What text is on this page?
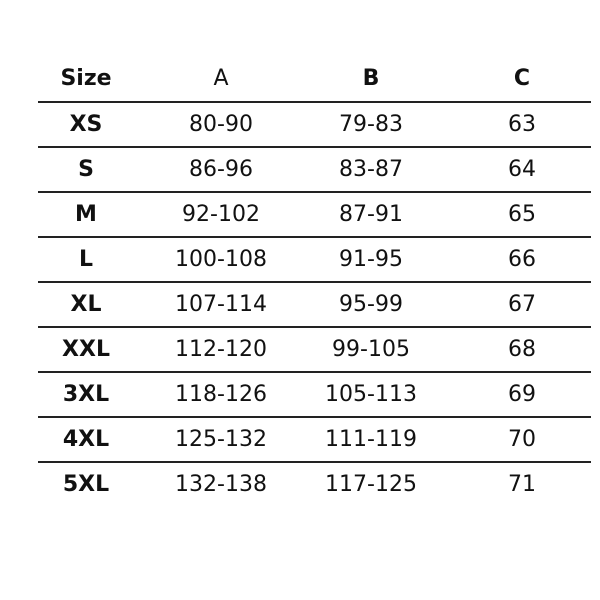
Size	A	B	C
XS	80-90	79-83	63
S	86-96	83-87	64
M	92-102	87-91	65
L	100-108	91-95	66
XL	107-114	95-99	67
XXL	112-120	99-105	68
3XL	118-126	105-113	69
4XL	125-132	111-119	70
5XL	132-138	117-125	71
